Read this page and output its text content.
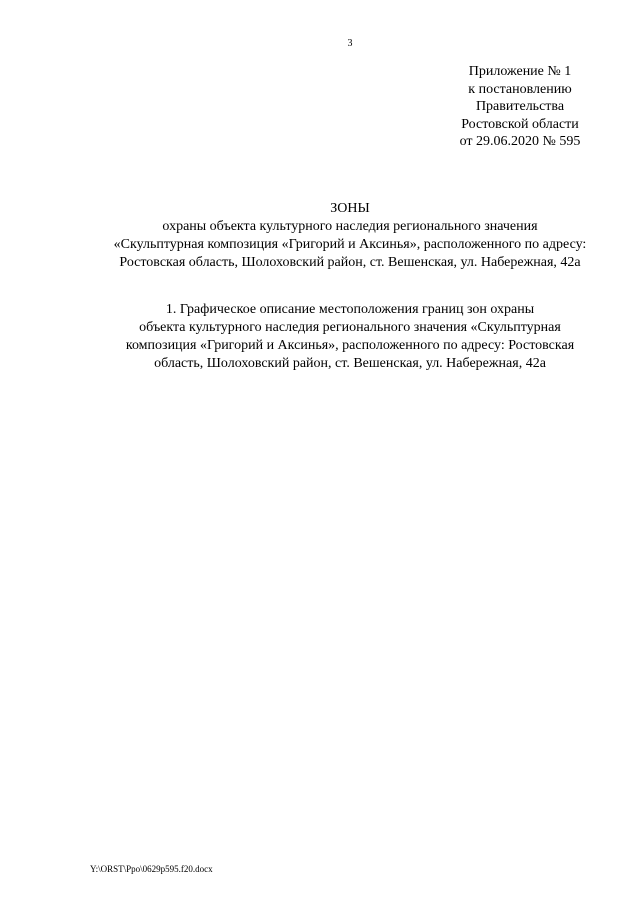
3
Приложение № 1
к постановлению
Правительства
Ростовской области
от 29.06.2020 № 595
ЗОНЫ
охраны объекта культурного наследия регионального значения
«Скульптурная композиция «Григорий и Аксинья», расположенного по адресу:
Ростовская область, Шолоховский район, ст. Вешенская, ул. Набережная, 42а
1. Графическое описание местоположения границ зон охраны
объекта культурного наследия регионального значения «Скульптурная
композиция «Григорий и Аксинья», расположенного по адресу: Ростовская
область, Шолоховский район, ст. Вешенская, ул. Набережная, 42а
Y:\ORST\Ppo\0629p595.f20.docx
